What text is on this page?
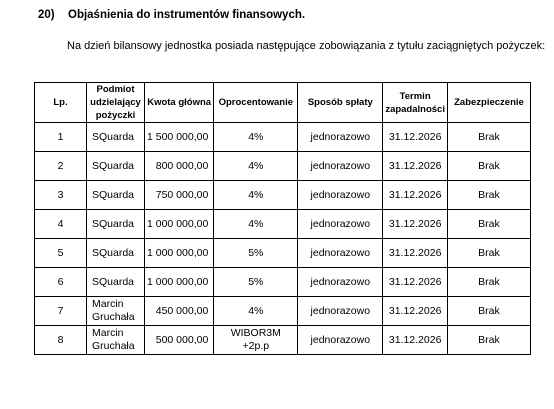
20) Objaśnienia do instrumentów finansowych.
Na dzień bilansowy jednostka posiada następujące zobowiązania z tytułu zaciągniętych pożyczek:
Lp.	Podmiot udzielający pożyczki	Kwota główna	Oprocentowanie	Sposób spłaty	Termin zapadalności	Zabezpieczenie
1	SQuarda	1 500 000,00	4%	jednorazowo	31.12.2026	Brak
2	SQuarda	800 000,00	4%	jednorazowo	31.12.2026	Brak
3	SQuarda	750 000,00	4%	jednorazowo	31.12.2026	Brak
4	SQuarda	1 000 000,00	4%	jednorazowo	31.12.2026	Brak
5	SQuarda	1 000 000,00	5%	jednorazowo	31.12.2026	Brak
6	SQuarda	1 000 000,00	5%	jednorazowo	31.12.2026	Brak
7	Marcin Gruchała	450 000,00	4%	jednorazowo	31.12.2026	Brak
8	Marcin Gruchała	500 000,00	WIBOR3M +2p.p	jednorazowo	31.12.2026	Brak
